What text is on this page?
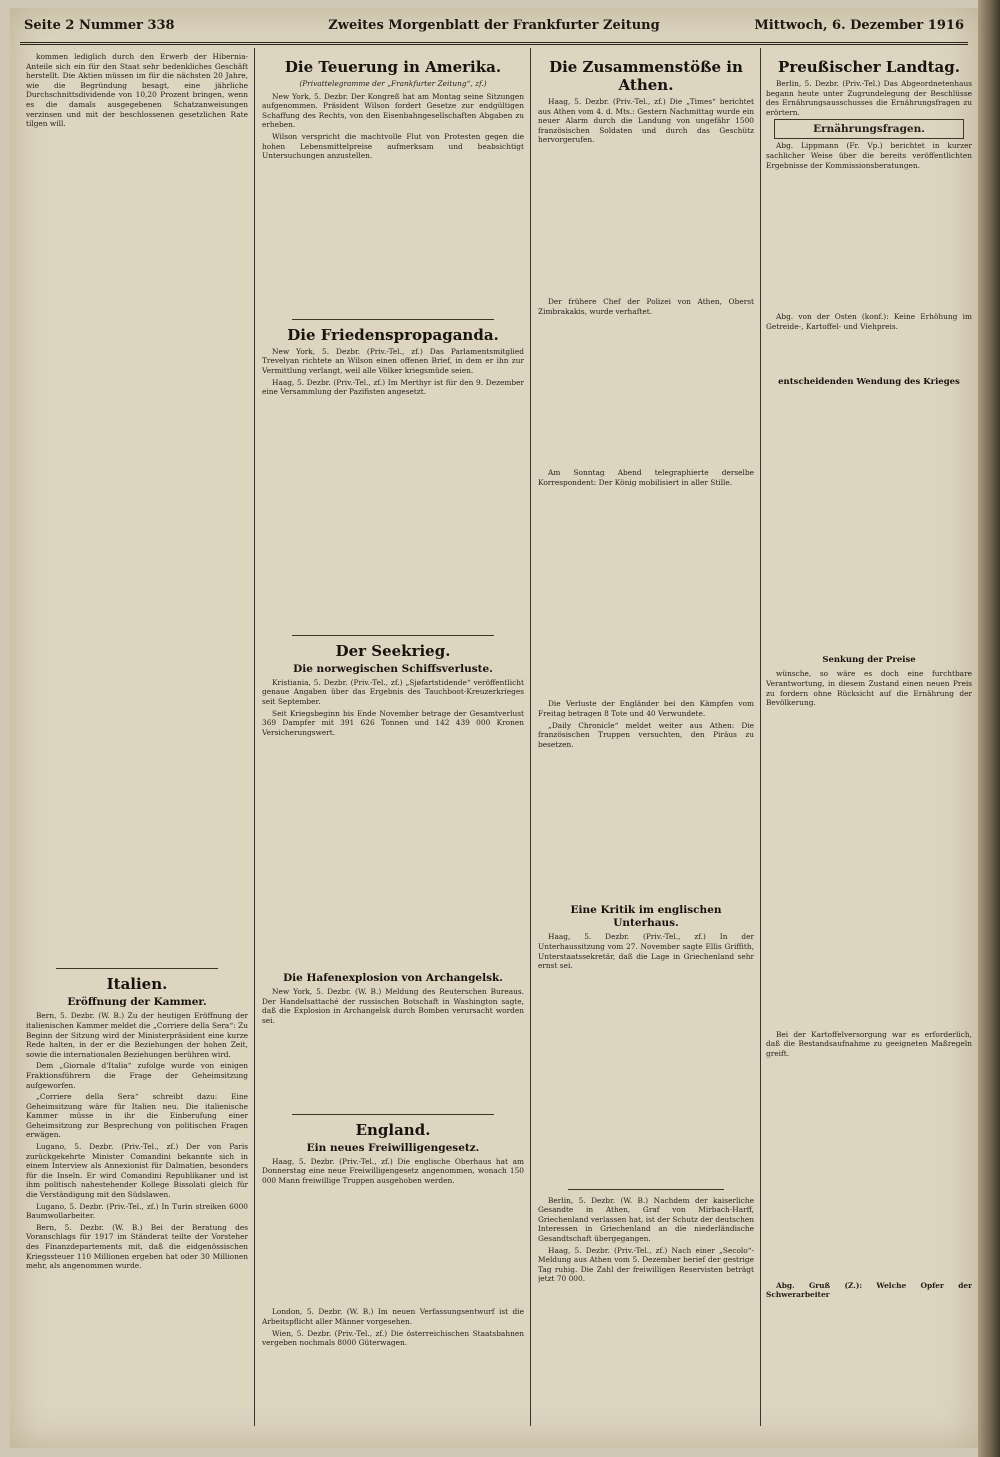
Seite 2 Nummer 338	Zweites Morgenblatt der Frankfurter Zeitung	Mittwoch, 6. Dezember 1916

kommen lediglich durch den Erwerb der Hibernia-Anteile sich ein für den Staat sehr bedenkliches Geschäft herstellt. Die Aktien müssen im für die nächsten 20 Jahre, wie die Begründung besagt, eine jährliche Durchschnittsdividende von 10,20 Prozent bringen, wenn es die damals ausgegebenen Schatzanweisungen verzinsen und mit der beschlossenen gesetzlichen Rate tilgen will.

Italien.
Eröffnung der Kammer.

Bern, 5. Dezbr. (W. B.) Zu der heutigen Eröffnung der italienischen Kammer meldet die „Corriere della Sera“: Zu Beginn der Sitzung wird der Ministerpräsident eine kurze Rede halten, in der er die Beziehungen der hohen Zeit, sowie die internationalen Beziehungen berühren wird.

Dem „Giornale d'Italia“ zufolge wurde von einigen Fraktionsführern die Frage der Geheimsitzung aufgeworfen.

„Corriere della Sera“ schreibt dazu: Eine Geheimsitzung wäre für Italien neu. Die italienische Kammer müsse in ihr die Einberufung einer Geheimsitzung zur Besprechung von politischen Fragen erwägen.

Lugano, 5. Dezbr. (Priv.-Tel., zf.) Der von Paris zurückgekehrte Minister Comandini bekannte sich in einem Interview als Annexionist für Dalmatien, besonders für die Inseln. Er wird Comandini Republikaner und ist ihm politisch nahestehender Kollege Bissolati gleich für die Verständigung mit den Südslawen.

Lugano, 5. Dezbr. (Priv.-Tel., zf.) In Turin streiken 6000 Baumwollarbeiter.

Bern, 5. Dezbr. (W. B.) Bei der Beratung des Voranschlags für 1917 im Ständerat teilte der Vorsteher des Finanzdepartements mit, daß die eidgenössischen Kriegssteuer 110 Millionen ergeben hat oder 30 Millionen mehr, als angenommen wurde.

Die Teuerung in Amerika.
(Privattelegramme der „Frankfurter Zeitung“, zf.)

New York, 5. Dezbr. Der Kongreß hat am Montag seine Sitzungen aufgenommen. Präsident Wilson fordert Gesetze zur endgültigen Schaffung des Rechts, von den Eisenbahngesellschaften Abgaben zu erheben.

Wilson verspricht die machtvolle Flut von Protesten gegen die hohen Lebensmittelpreise aufmerksam und beabsichtigt Untersuchungen anzustellen.

Die Friedenspropaganda.

New York, 5. Dezbr. (Priv.-Tel., zf.) Das Parlamentsmitglied Trevelyan richtete an Wilson einen offenen Brief, in dem er ihn zur Vermittlung verlangt, weil alle Völker kriegsmüde seien.

Haag, 5. Dezbr. (Priv.-Tel., zf.) Im Merthyr ist für den 9. Dezember eine Versammlung der Pazifisten angesetzt.

Der Seekrieg.
Die norwegischen Schiffsverluste.

Kristiania, 5. Dezbr. (Priv.-Tel., zf.) „Sjøfartstidende“ veröffentlicht genaue Angaben über das Ergebnis des Tauchboot-Kreuzerkrieges seit September.

Seit Kriegsbeginn bis Ende November betrage der Gesamtverlust 369 Dampfer mit 391 626 Tonnen und 142 439 000 Kronen Versicherungswert.

Die Hafenexplosion von Archangelsk.

New York, 5. Dezbr. (W. B.) Meldung des Reuterschen Bureaus. Der Handelsattaché der russischen Botschaft in Washington sagte, daß die Explosion in Archangelsk durch Bomben verursacht worden sei.

England.
Ein neues Freiwilligengesetz.

Haag, 5. Dezbr. (Priv.-Tel., zf.) Die englische Oberhaus hat am Donnerstag eine neue Freiwilligengesetz angenommen, wonach 150 000 Mann freiwillige Truppen ausgehoben werden.

London, 5. Dezbr. (W. B.) Im neuen Verfassungsentwurf ist die Arbeitspflicht aller Männer vorgesehen.

Wien, 5. Dezbr. (Priv.-Tel., zf.) Die österreichischen Staatsbahnen vergeben nochmals 8000 Güterwagen.

Die Zusammenstöße in Athen.

Haag, 5. Dezbr. (Priv.-Tel., zf.) Die „Times“ berichtet aus Athen vom 4. d. Mts.: Gestern Nachmittag wurde ein neuer Alarm durch die Landung von ungefähr 1500 französischen Soldaten und durch das Geschütz hervorgerufen.

Der frühere Chef der Polizei von Athen, Oberst Zimbrakakis, wurde verhaftet.

Am Sonntag Abend telegraphierte derselbe Korrespondent: Der König mobilisiert in aller Stille.

Die Verluste der Engländer bei den Kämpfen vom Freitag betragen 8 Tote und 40 Verwundete.

„Daily Chronicle“ meldet weiter aus Athen: Die französischen Truppen versuchten, den Piräus zu besetzen.

Eine Kritik im englischen Unterhaus.

Haag, 5. Dezbr. (Priv.-Tel., zf.) In der Unterhaussitzung vom 27. November sagte Ellis Griffith, Unterstaatssekretär, daß die Lage in Griechenland sehr ernst sei.

Berlin, 5. Dezbr. (W. B.) Nachdem der kaiserliche Gesandte in Athen, Graf von Mirbach-Harff, Griechenland verlassen hat, ist der Schutz der deutschen Interessen in Griechenland an die niederländische Gesandtschaft übergegangen.

Haag, 5. Dezbr. (Priv.-Tel., zf.) Nach einer „Secolo“-Meldung aus Athen vom 5. Dezember berief der gestrige Tag ruhig. Die Zahl der freiwilligen Reservisten beträgt jetzt 70 000.

Preußischer Landtag.

Berlin, 5. Dezbr. (Priv.-Tel.) Das Abgeordnetenhaus begann heute unter Zugrundelegung der Beschlüsse des Ernährungsausschusses die Ernährungsfragen zu erörtern.

Ernährungsfragen.

Abg. Lippmann (Fr. Vp.) berichtet in kurzer sachlicher Weise über die bereits veröffentlichten Ergebnisse der Kommissionsberatungen.

Abg. von der Osten (konf.): Keine Erhöhung im Getreide-, Kartoffel- und Viehpreis.

entscheidenden Wendung des Krieges
Senkung der Preise

wünsche, so wäre es doch eine furchtbare Verantwortung, in diesem Zustand einen neuen Preis zu fordern ohne Rücksicht auf die Ernährung der Bevölkerung.

Bei der Kartoffelversorgung war es erforderlich, daß die Bestandsaufnahme zu geeigneten Maßregeln greift.

Abg. Gruß (Z.): Welche Opfer der Schwerarbeiter
